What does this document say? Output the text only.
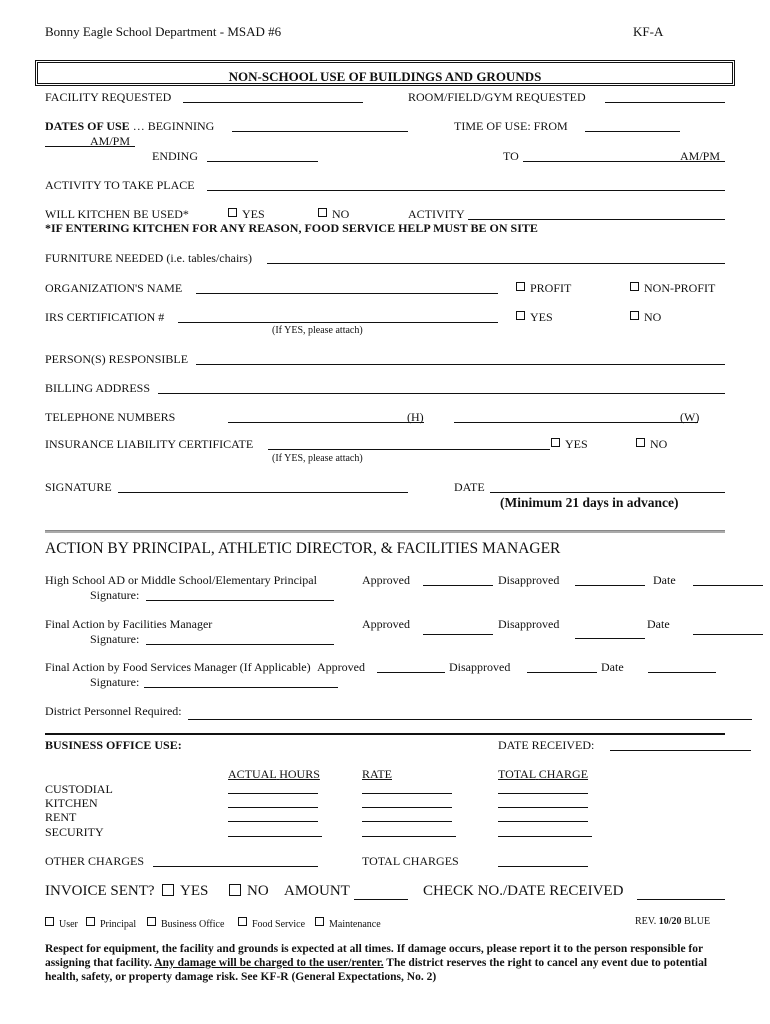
Bonny Eagle School Department - MSAD #6	KF-A
NON-SCHOOL USE OF BUILDINGS AND GROUNDS
FACILITY REQUESTED	ROOM/FIELD/GYM REQUESTED
DATES OF USE … BEGINNING	TIME OF USE: FROM
AM/PM
ENDING	TO	AM/PM
ACTIVITY TO TAKE PLACE
WILL KITCHEN BE USED*	YES	NO	ACTIVITY
*IF ENTERING KITCHEN FOR ANY REASON, FOOD SERVICE HELP MUST BE ON SITE
FURNITURE NEEDED (i.e. tables/chairs)
ORGANIZATION'S NAME	PROFIT	NON-PROFIT
IRS CERTIFICATION #	YES	NO
(If YES, please attach)
PERSON(S) RESPONSIBLE
BILLING ADDRESS
TELEPHONE NUMBERS	(H)	(W)
INSURANCE LIABILITY CERTIFICATE	YES	NO
(If YES, please attach)
SIGNATURE	DATE
(Minimum 21 days in advance)
ACTION BY PRINCIPAL, ATHLETIC DIRECTOR, & FACILITIES MANAGER
High School AD or Middle School/Elementary Principal	Approved	Disapproved	Date
Signature:
Final Action by Facilities Manager	Approved	Disapproved	Date
Signature:
Final Action by Food Services Manager (If Applicable) Approved	Disapproved	Date
Signature:
District Personnel Required:
BUSINESS OFFICE USE:	DATE RECEIVED:
ACTUAL HOURS	RATE	TOTAL CHARGE
CUSTODIAL
KITCHEN
RENT
SECURITY
OTHER CHARGES	TOTAL CHARGES
INVOICE SENT?	YES	NO AMOUNT	CHECK NO./DATE RECEIVED
User	Principal	Business Office	Food Service	Maintenance	REV. 10/20 BLUE
Respect for equipment, the facility and grounds is expected at all times. If damage occurs, please report it to the person responsible for assigning that facility. Any damage will be charged to the user/renter. The district reserves the right to cancel any event due to potential health, safety, or property damage risk. See KF-R (General Expectations, No. 2)
